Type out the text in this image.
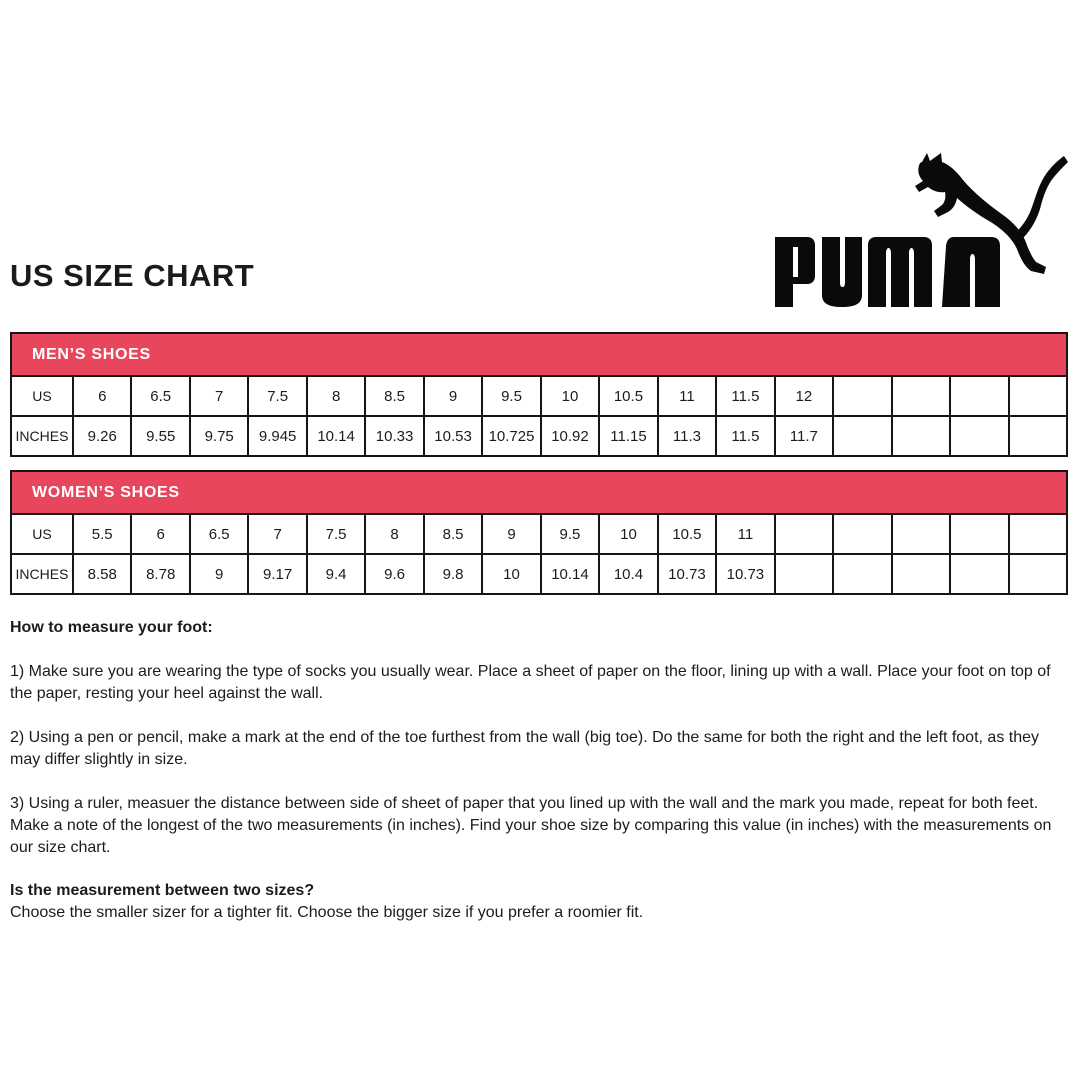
US SIZE CHART
MEN’S SHOES
US	6	6.5	7	7.5	8	8.5	9	9.5	10	10.5	11	11.5	12				
INCHES	9.26	9.55	9.75	9.945	10.14	10.33	10.53	10.725	10.92	11.15	11.3	11.5	11.7				
WOMEN’S SHOES
US	5.5	6	6.5	7	7.5	8	8.5	9	9.5	10	10.5	11					
INCHES	8.58	8.78	9	9.17	9.4	9.6	9.8	10	10.14	10.4	10.73	10.73					
How to measure your foot:

1) Make sure you are wearing the type of socks you usually wear. Place a sheet of paper on the floor, lining up with a wall. Place your foot on top of the paper, resting your heel against the wall.

2) Using a pen or pencil, make a mark at the end of the toe furthest from the wall (big toe). Do the same for both the right and the left foot, as they may differ slightly in size.

3) Using a ruler, measuer the distance between side of sheet of paper that you lined up with the wall and the mark you made, repeat for both feet. Make a note of the longest of the two measurements (in inches). Find your shoe size by comparing this value (in inches) with the measurements on our size chart.

Is the measurement between two sizes?

Choose the smaller sizer for a tighter fit. Choose the bigger size if you prefer a roomier fit.
